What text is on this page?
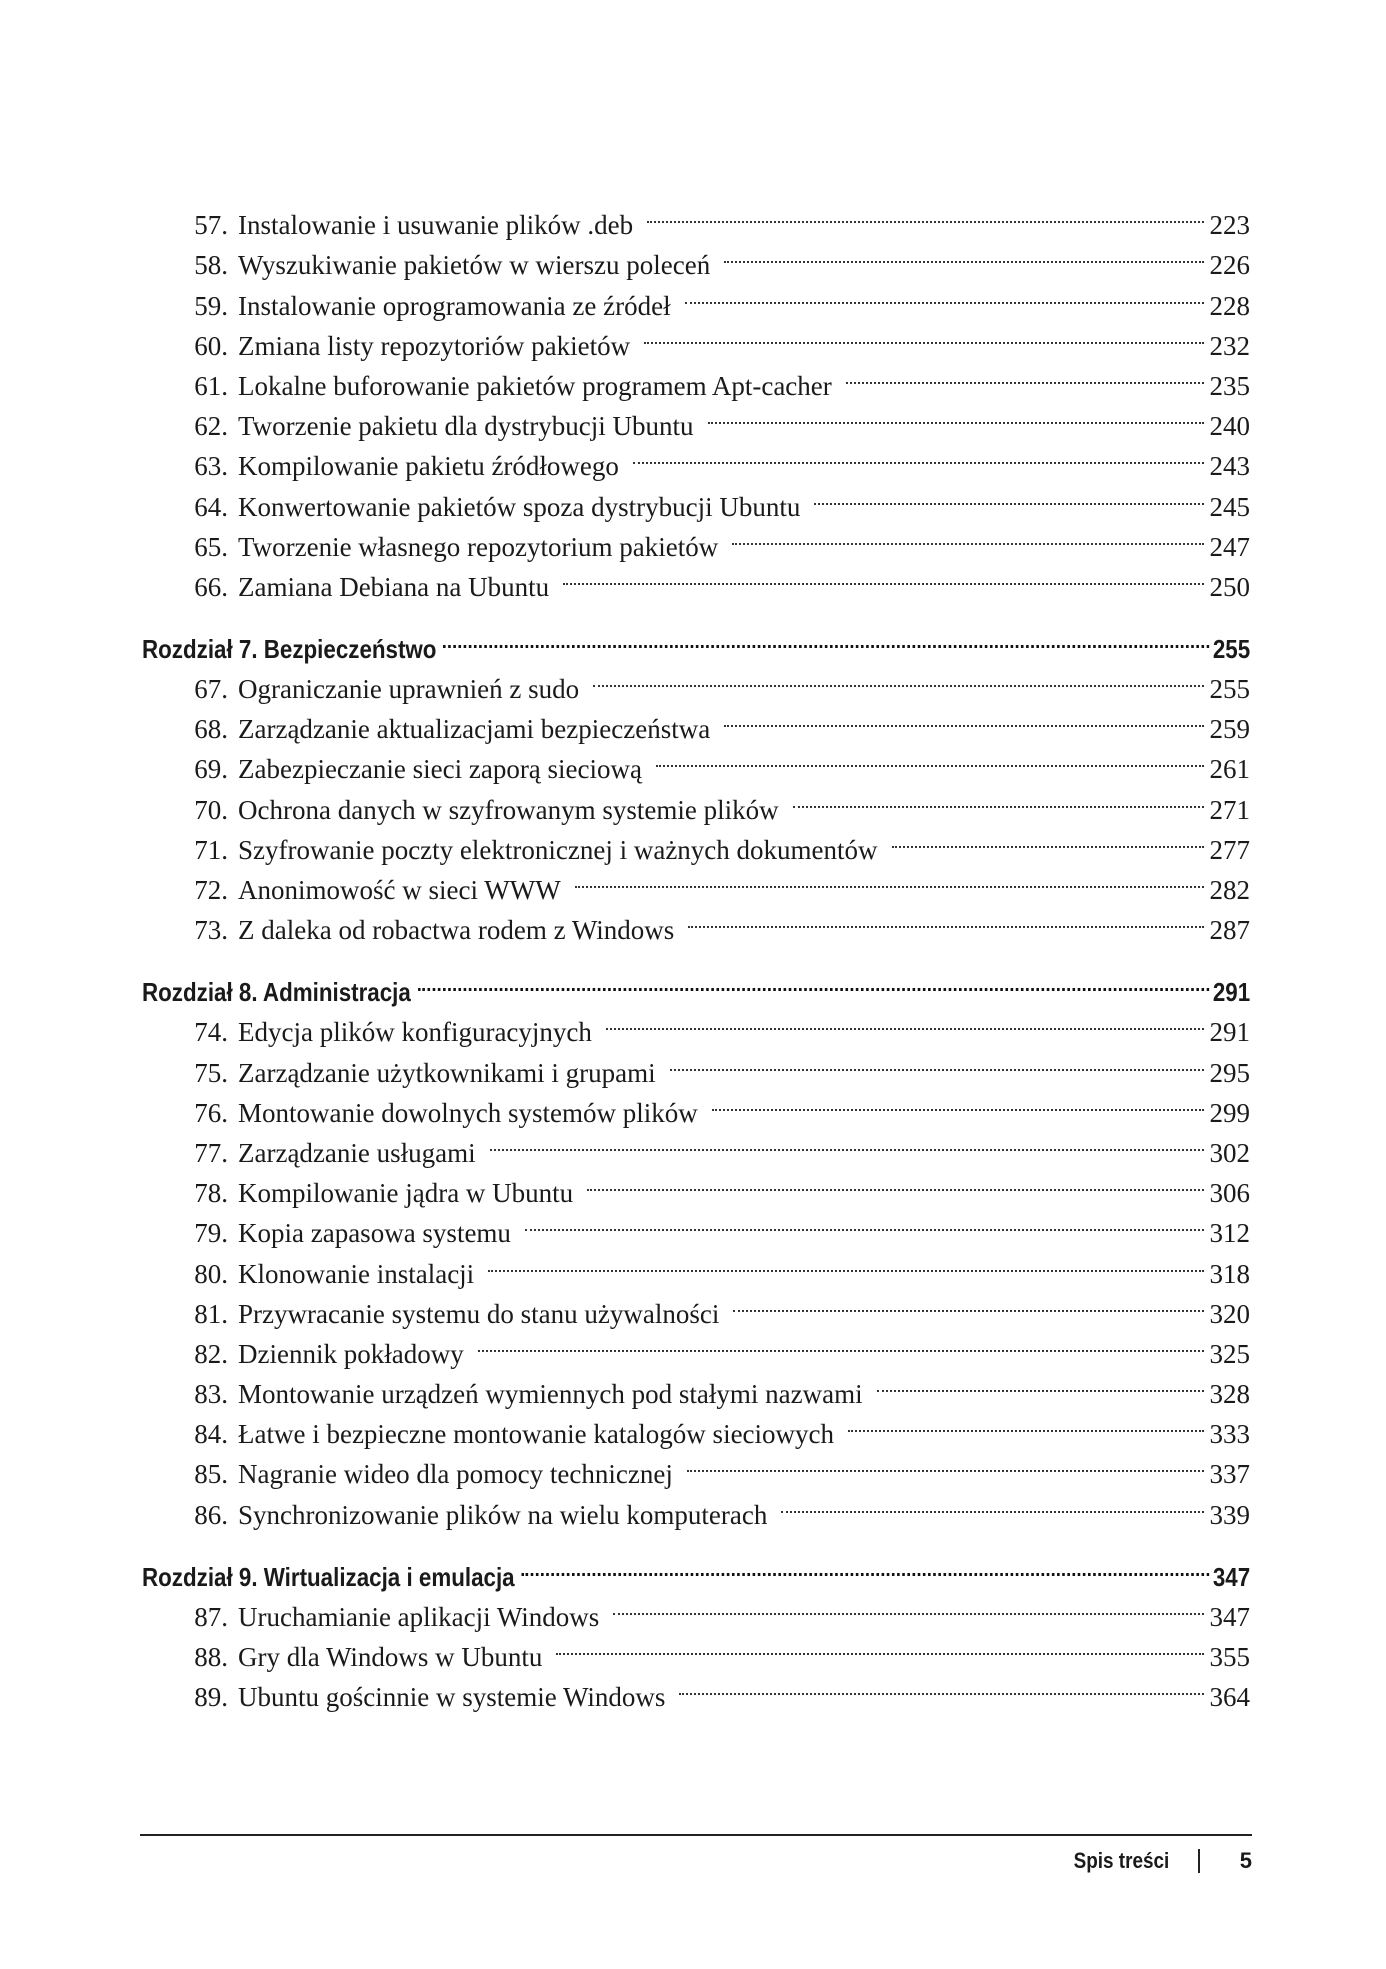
57. Instalowanie i usuwanie plików .deb	223
58. Wyszukiwanie pakietów w wierszu poleceń	226
59. Instalowanie oprogramowania ze źródeł	228
60. Zmiana listy repozytoriów pakietów	232
61. Lokalne buforowanie pakietów programem Apt-cacher	235
62. Tworzenie pakietu dla dystrybucji Ubuntu	240
63. Kompilowanie pakietu źródłowego	243
64. Konwertowanie pakietów spoza dystrybucji Ubuntu	245
65. Tworzenie własnego repozytorium pakietów	247
66. Zamiana Debiana na Ubuntu	250
Rozdział 7. Bezpieczeństwo	255
67. Ograniczanie uprawnień z sudo	255
68. Zarządzanie aktualizacjami bezpieczeństwa	259
69. Zabezpieczanie sieci zaporą sieciową	261
70. Ochrona danych w szyfrowanym systemie plików	271
71. Szyfrowanie poczty elektronicznej i ważnych dokumentów	277
72. Anonimowość w sieci WWW	282
73. Z daleka od robactwa rodem z Windows	287
Rozdział 8. Administracja	291
74. Edycja plików konfiguracyjnych	291
75. Zarządzanie użytkownikami i grupami	295
76. Montowanie dowolnych systemów plików	299
77. Zarządzanie usługami	302
78. Kompilowanie jądra w Ubuntu	306
79. Kopia zapasowa systemu	312
80. Klonowanie instalacji	318
81. Przywracanie systemu do stanu używalności	320
82. Dziennik pokładowy	325
83. Montowanie urządzeń wymiennych pod stałymi nazwami	328
84. Łatwe i bezpieczne montowanie katalogów sieciowych	333
85. Nagranie wideo dla pomocy technicznej	337
86. Synchronizowanie plików na wielu komputerach	339
Rozdział 9. Wirtualizacja i emulacja	347
87. Uruchamianie aplikacji Windows	347
88. Gry dla Windows w Ubuntu	355
89. Ubuntu gościnnie w systemie Windows	364
Spis treści	5
